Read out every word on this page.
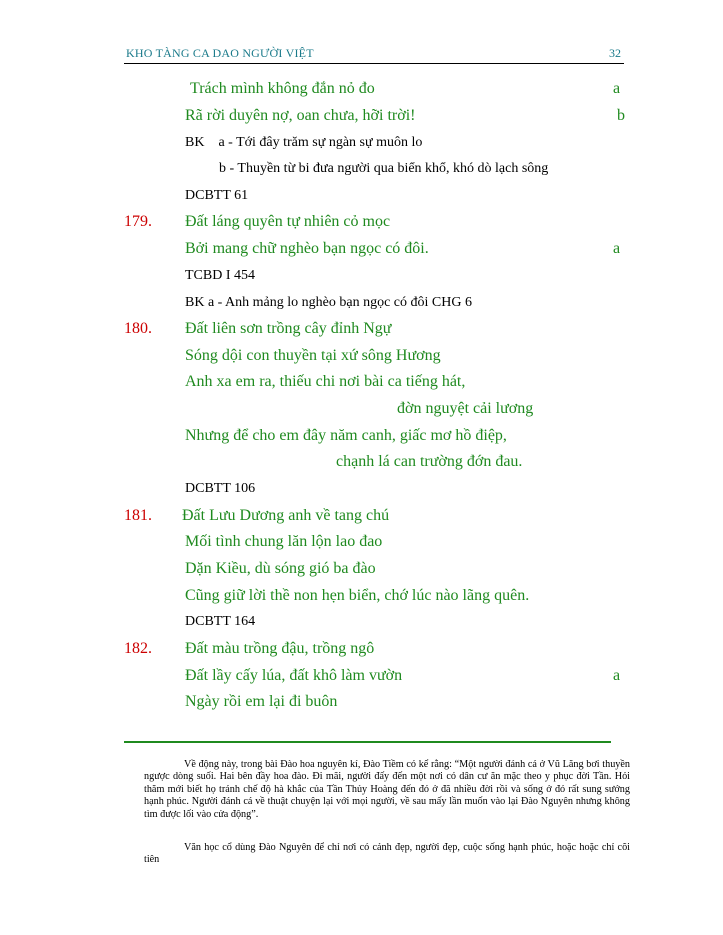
KHO TÀNG CA DAO NGƯỜI VIỆT	32
Trách mình không đắn nỏ đo	a
Rã rời duyên nợ, oan chưa, hỡi trời!	b
BK    a - Tới đây trăm sự ngàn sự muôn lo
b - Thuyền từ bi đưa người qua biển khổ, khó dò lạch sông
DCBTT 61
179. Đất láng quyên tự nhiên cỏ mọc
Bởi mang chữ nghèo bạn ngọc có đôi.	a
TCBD I 454
BK a - Anh mảng lo nghèo bạn ngọc có đôi CHG 6
180. Đất liên sơn trồng cây đỉnh Ngự
Sóng dội con thuyền tại xứ sông Hương
Anh xa em ra, thiếu chi nơi bài ca tiếng hát,
đờn nguyệt cải lương
Nhưng để cho em đây năm canh, giấc mơ hồ điệp,
chạnh lá can trường đớn đau.
DCBTT 106
181. Đất Lưu Dương anh về tang chú
Mối tình chung lăn lộn lao đao
Dặn Kiều, dù sóng gió ba đào
Cũng giữ lời thề non hẹn biển, chớ lúc nào lãng quên.
DCBTT 164
182. Đất màu trồng đậu, trồng ngô
Đất lầy cấy lúa, đất khô làm vườn	a
Ngày rồi em lại đi buôn

Về động này, trong bài Đào hoa nguyên kí, Đào Tiềm có kể rằng: “Một người đánh cá ở Vũ Lăng bơi thuyền ngược dòng suối. Hai bên đầy hoa đào. Đi mãi, người đấy đến một nơi có dân cư ăn mặc theo y phục đời Tần. Hỏi thăm mới biết họ tránh chế độ hà khắc của Tần Thủy Hoàng đến đó ở đã nhiều đời rồi và sống ở đó rất sung sướng hạnh phúc. Người đánh cá về thuật chuyện lại với mọi người, về sau mấy lần muốn vào lại Đào Nguyên nhưng không tìm được lối vào cửa động”.

Văn học cổ dùng Đào Nguyên để chỉ nơi có cảnh đẹp, người đẹp, cuộc sống hạnh phúc, hoặc hoặc chỉ cõi tiên
